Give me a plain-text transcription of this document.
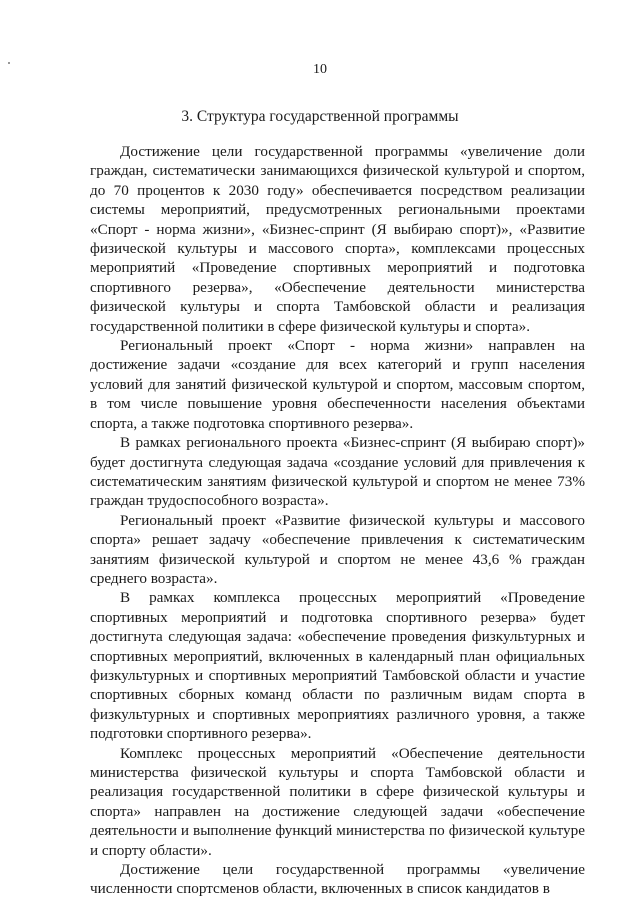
10
3. Структура государственной программы

Достижение цели государственной программы «увеличение доли граждан, систематически занимающихся физической культурой и спортом, до 70 процентов к 2030 году» обеспечивается посредством реализации системы мероприятий, предусмотренных региональными проектами «Спорт - норма жизни», «Бизнес-спринт (Я выбираю спорт)», «Развитие физической культуры и массового спорта», комплексами процессных мероприятий «Проведение спортивных мероприятий и подготовка спортивного резерва», «Обеспечение деятельности министерства физической культуры и спорта Тамбовской области и реализация государственной политики в сфере физической культуры и спорта».

Региональный проект «Спорт - норма жизни» направлен на достижение задачи «создание для всех категорий и групп населения условий для занятий физической культурой и спортом, массовым спортом, в том числе повышение уровня обеспеченности населения объектами спорта, а также подготовка спортивного резерва».

В рамках регионального проекта «Бизнес-спринт (Я выбираю спорт)» будет достигнута следующая задача «создание условий для привлечения к систематическим занятиям физической культурой и спортом не менее 73% граждан трудоспособного возраста».

Региональный проект «Развитие физической культуры и массового спорта» решает задачу «обеспечение привлечения к систематическим занятиям физической культурой и спортом не менее 43,6 % граждан среднего возраста».

В рамках комплекса процессных мероприятий «Проведение спортивных мероприятий и подготовка спортивного резерва» будет достигнута следующая задача: «обеспечение проведения физкультурных и спортивных мероприятий, включенных в календарный план официальных физкультурных и спортивных мероприятий Тамбовской области и участие спортивных сборных команд области по различным видам спорта в физкультурных и спортивных мероприятиях различного уровня, а также подготовки спортивного резерва».

Комплекс процессных мероприятий «Обеспечение деятельности министерства физической культуры и спорта Тамбовской области и реализация государственной политики в сфере физической культуры и спорта» направлен на достижение следующей задачи «обеспечение деятельности и выполнение функций министерства по физической культуре и спорту области».

Достижение цели государственной программы «увеличение численности спортсменов области, включенных в список кандидатов в
